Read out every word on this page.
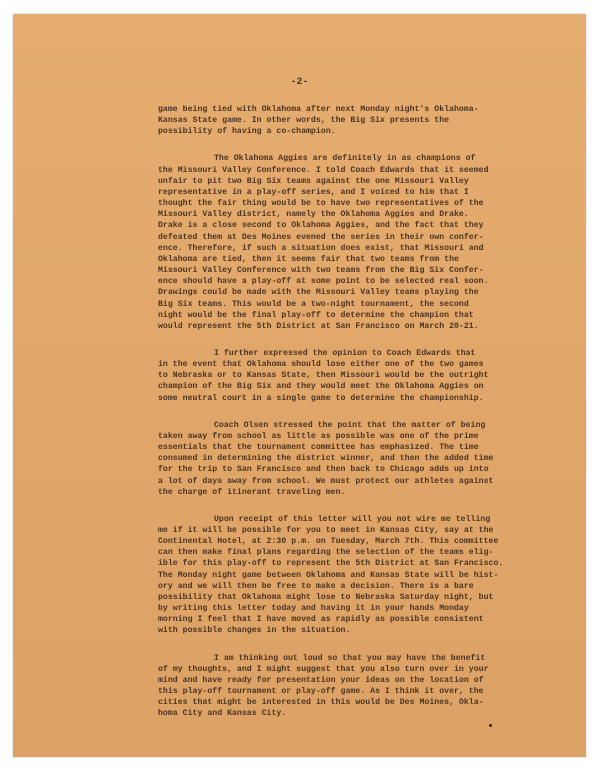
-2-
game being tied with Oklahoma after next Monday night's Oklahoma-
Kansas State game. In other words, the Big Six presents the
possibility of having a co-champion.
The Oklahoma Aggies are definitely in as champions of
the Missouri Valley Conference. I told Coach Edwards that it seemed
unfair to pit two Big Six teams against the one Missouri Valley
representative in a play-off series, and I voiced to him that I
thought the fair thing would be to have two representatives of the
Missouri Valley district, namely the Oklahoma Aggies and Drake.
Drake is a close second to Oklahoma Aggies, and the fact that they
defeated them at Des Moines evened the series in their own confer-
ence. Therefore, if such a situation does exist, that Missouri and
Oklahoma are tied, then it seems fair that two teams from the
Missouri Valley Conference with two teams from the Big Six Confer-
ence should have a play-off at some point to be selected real soon.
Drawings could be made with the Missouri Valley teams playing the
Big Six teams. This would be a two-night tournament, the second
night would be the final play-off to determine the champion that
would represent the 5th District at San Francisco on March 20-21.
I further expressed the opinion to Coach Edwards that
in the event that Oklahoma should lose either one of the two games
to Nebraska or to Kansas State, then Missouri would be the outright
champion of the Big Six and they would meet the Oklahoma Aggies on
some neutral court in a single game to determine the championship.
Coach Olsen stressed the point that the matter of being
taken away from school as little as possible was one of the prime
essentials that the tournament committee has emphasized. The time
consumed in determining the district winner, and then the added time
for the trip to San Francisco and then back to Chicago adds up into
a lot of days away from school. We must protect our athletes against
the charge of itinerant traveling men.
Upon receipt of this letter will you not wire me telling
me if it will be possible for you to meet in Kansas City, say at the
Continental Hotel, at 2:30 p.m. on Tuesday, March 7th. This committee
can then make final plans regarding the selection of the teams elig-
ible for this play-off to represent the 5th District at San Francisco.
The Monday night game between Oklahoma and Kansas State will be hist-
ory and we will then be free to make a decision. There is a bare
possibility that Oklahoma might lose to Nebraska Saturday night, but
by writing this letter today and having it in your hands Monday
morning I feel that I have moved as rapidly as possible consistent
with possible changes in the situation.
I am thinking out loud so that you may have the benefit
of my thoughts, and I might suggest that you also turn over in your
mind and have ready for presentation your ideas on the location of
this play-off tournament or play-off game. As I think it over, the
cities that might be interested in this would be Des Moines, Okla-
homa City and Kansas City.
